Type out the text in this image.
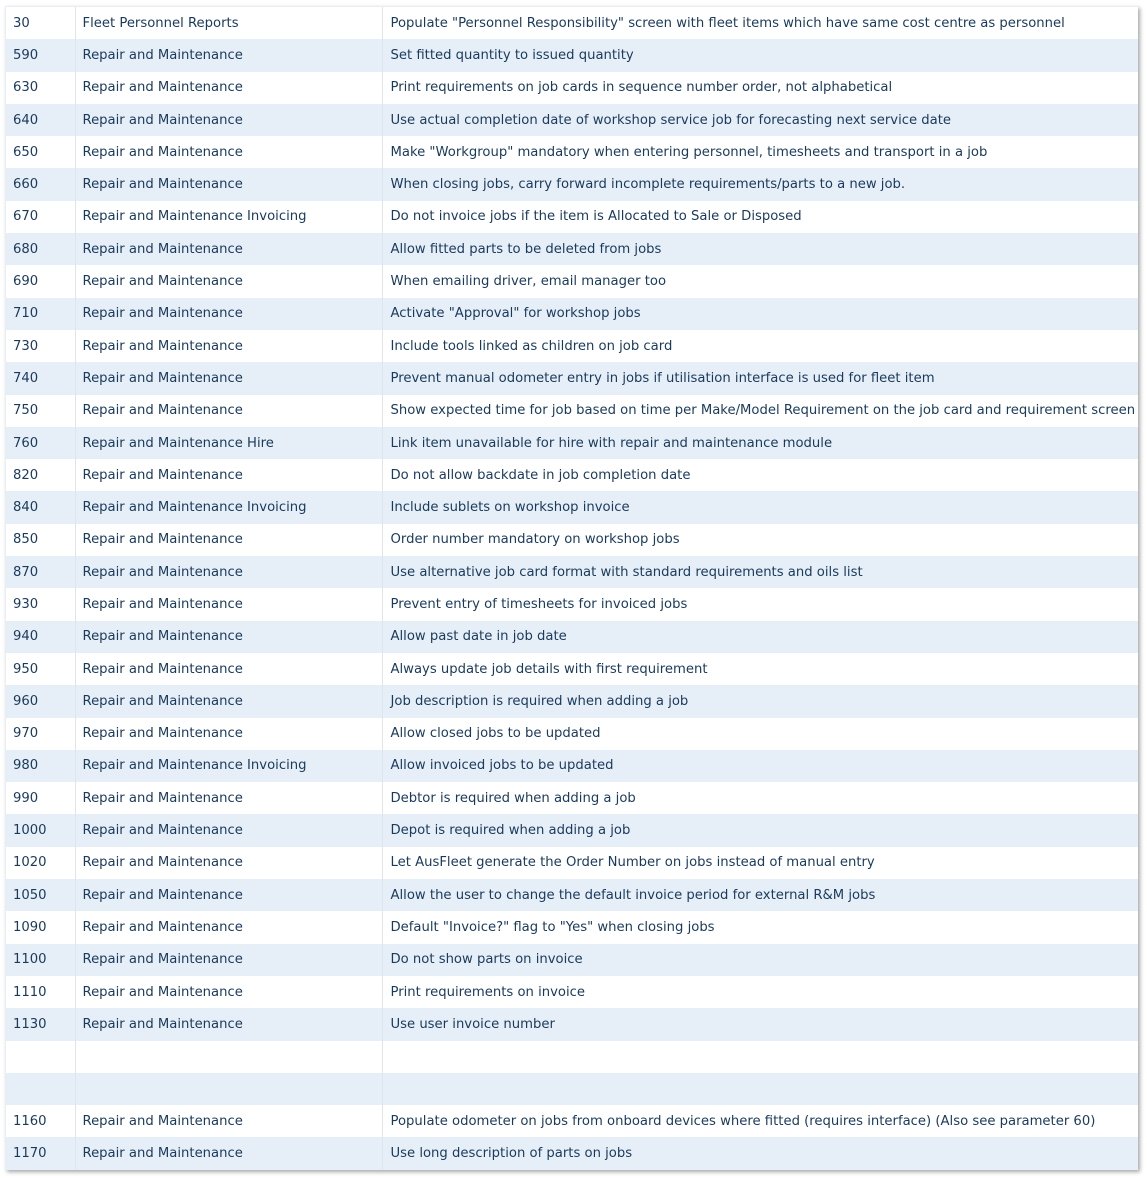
30	Fleet Personnel Reports	Populate "Personnel Responsibility" screen with fleet items which have same cost centre as personnel
590	Repair and Maintenance	Set fitted quantity to issued quantity
630	Repair and Maintenance	Print requirements on job cards in sequence number order, not alphabetical
640	Repair and Maintenance	Use actual completion date of workshop service job for forecasting next service date
650	Repair and Maintenance	Make "Workgroup" mandatory when entering personnel, timesheets and transport in a job
660	Repair and Maintenance	When closing jobs, carry forward incomplete requirements/parts to a new job.
670	Repair and Maintenance Invoicing	Do not invoice jobs if the item is Allocated to Sale or Disposed
680	Repair and Maintenance	Allow fitted parts to be deleted from jobs
690	Repair and Maintenance	When emailing driver, email manager too
710	Repair and Maintenance	Activate "Approval" for workshop jobs
730	Repair and Maintenance	Include tools linked as children on job card
740	Repair and Maintenance	Prevent manual odometer entry in jobs if utilisation interface is used for fleet item
750	Repair and Maintenance	Show expected time for job based on time per Make/Model Requirement on the job card and requirement screen
760	Repair and Maintenance Hire	Link item unavailable for hire with repair and maintenance module
820	Repair and Maintenance	Do not allow backdate in job completion date
840	Repair and Maintenance Invoicing	Include sublets on workshop invoice
850	Repair and Maintenance	Order number mandatory on workshop jobs
870	Repair and Maintenance	Use alternative job card format with standard requirements and oils list
930	Repair and Maintenance	Prevent entry of timesheets for invoiced jobs
940	Repair and Maintenance	Allow past date in job date
950	Repair and Maintenance	Always update job details with first requirement
960	Repair and Maintenance	Job description is required when adding a job
970	Repair and Maintenance	Allow closed jobs to be updated
980	Repair and Maintenance Invoicing	Allow invoiced jobs to be updated
990	Repair and Maintenance	Debtor is required when adding a job
1000	Repair and Maintenance	Depot is required when adding a job
1020	Repair and Maintenance	Let AusFleet generate the Order Number on jobs instead of manual entry
1050	Repair and Maintenance	Allow the user to change the default invoice period for external R&M jobs
1090	Repair and Maintenance	Default "Invoice?" flag to "Yes" when closing jobs
1100	Repair and Maintenance	Do not show parts on invoice
1110	Repair and Maintenance	Print requirements on invoice
1130	Repair and Maintenance	Use user invoice number

1160	Repair and Maintenance	Populate odometer on jobs from onboard devices where fitted (requires interface) (Also see parameter 60)
1170	Repair and Maintenance	Use long description of parts on jobs
